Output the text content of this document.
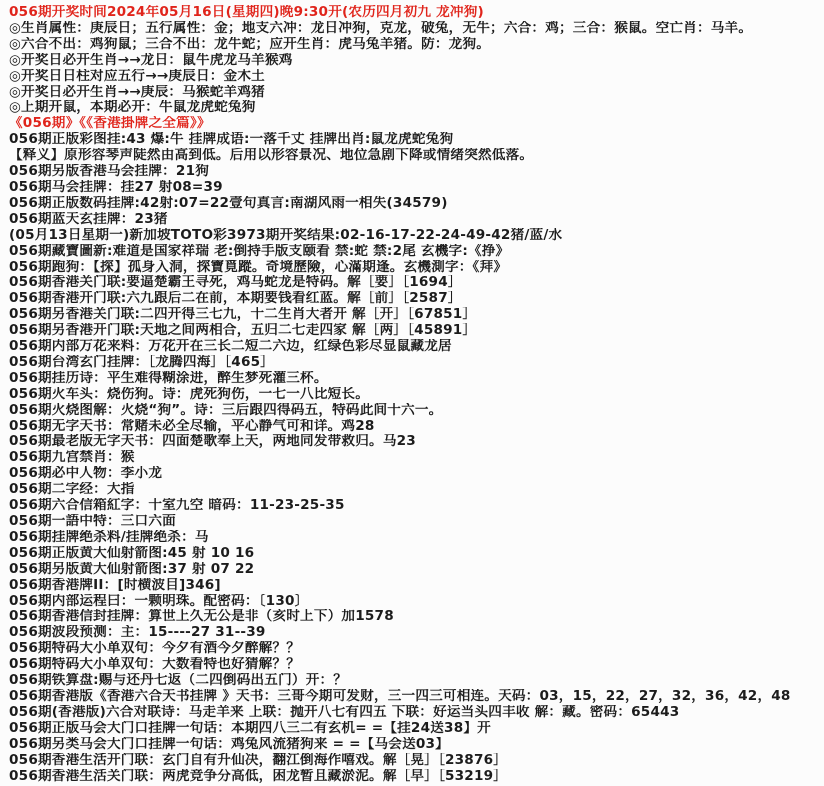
056期开奖时间2024年05月16日(星期四)晚9:30开(农历四月初九 龙冲狗)
◎生肖属性：庚辰日；五行属性：金；地支六冲：龙日冲狗，克龙，破兔，无牛；六合：鸡；三合：猴鼠。空亡肖：马羊。
◎六合不出：鸡狗鼠；三合不出：龙牛蛇；应开生肖：虎马兔羊猪。防：龙狗。
◎开奖日必开生肖→→龙日：鼠牛虎龙马羊猴鸡
◎开奖日日柱对应五行→→庚辰日：金木土
◎开奖日必开生肖→→庚辰：马猴蛇羊鸡猪
◎上期开鼠，本期必开：牛鼠龙虎蛇兔狗
《056期》《《香港掛牌之全篇》》
056期正版彩图挂:43 爆:牛 挂牌成语:一落千丈 挂牌出肖:鼠龙虎蛇兔狗
【释义】原形容琴声陡然由高到低。后用以形容景况、地位急剧下降或情绪突然低落。
056期另版香港马会挂牌：21狗
056期马会挂牌：挂27 射08=39
056期正版数码挂牌:42射:07=22壹句真言:南湖风雨一相失(34579)
056期蓝天玄挂牌：23猪
(05月13日星期一)新加坡TOTO彩3973期开奖结果:02-16-17-22-24-49-42猪/蓝/水
056期藏寶圖新:难道是国家祥瑞 老:倒持手版支颐看 禁:蛇 禁:2尾 玄機字:《挣》
056期跑狗：【探】孤身入洞，探寶覓蹤。奇境歷險，心滿期逢。玄機測字：《拜》
056期香港关门联:要逼楚霸王寻死，鸡马蛇龙是特码。解［要］［1694］
056期香港开门联:六九跟后二在前，本期要钱看红蓝。解［前］［2587］
056期另香港关门联:二四开得三七九，十二生肖大者开 解［开］［67851］
056期另香港开门联:天地之间两相合，五归二七走四家 解［两］［45891］
056期内部万花来料：万花开在三长二短二六边，红绿色彩尽显鼠藏龙居
056期台湾玄门挂牌：［龙腾四海］［465］
056期挂历诗：平生难得糊涂进，醉生梦死灌三杯。
056期火车头：烧伤狗。诗：虎死狗伤，一七一八比短长。
056期火烧图解：火烧“狗”。诗：三后跟四得码五，特码此间十六一。
056期无字天书：常赌未必全尽输，平心静气可和详。鸡28
056期最老版无字天书：四面楚歌奉上天，两地同发带救归。马23
056期九宫禁肖：猴
056期必中人物：李小龙
056期二字经：大指
056期六合信箱紅字：十室九空 暗码：11-23-25-35
056期一語中特：三口六面
056期挂牌绝杀料/挂牌绝杀：马
056期正版黄大仙射箭图:45 射 10 16
056期另版黄大仙射箭图:37 射 07 22
056期香港牌II：[时横波目]346]
056期内部运程曰：一颗明珠。配密码：〔130〕
056期香港信封挂牌：算世上久无公是非（亥时上下）加1578
056期波段预测：主：15----27 31--39
056期特码大小单双句：今夕有酒今夕醉解？？
056期特码大小单双句：大数看特也好猜解？？
056期铁算盘:赐与还丹七返（二四倒码出五门）开：？
056期香港版《香港六合天书挂牌 》天书：三哥今期可发财，三一四三可相连。天码：03，15，22，27，32，36，42，48
056期(香港版)六合对联诗：马走羊来 上联：抛开八七有四五 下联：好运当头四丰收 解：藏。密码：65443
056期正版马会大门口挂牌一句话：本期四八三二有玄机= =【挂24送38】开
056期另类马会大门口挂牌一句话：鸡兔风流猪狗来 = =【马会送03】
056期香港生活开门联：玄门自有升仙决，翻江倒海作嘻戏。解［晃］［23876］
056期香港生活关门联：两虎竞争分高低，困龙暂且藏淤泥。解［早］［53219］
